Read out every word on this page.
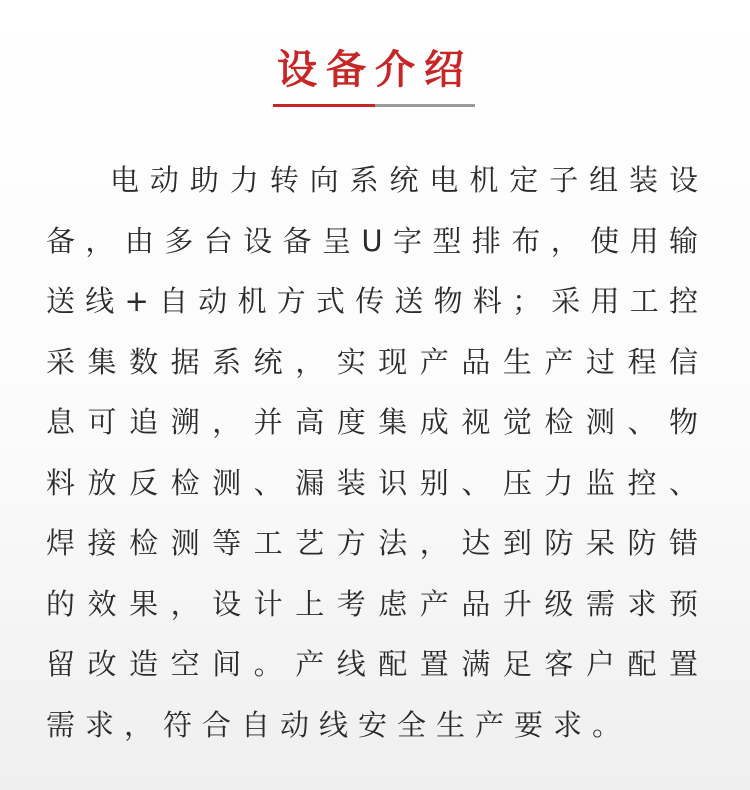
设备介绍

电动助力转向系统电机定子组装设备，由多台设备呈U字型排布，使用输送线+自动机方式传送物料；采用工控采集数据系统，实现产品生产过程信息可追溯，并高度集成视觉检测、物料放反检测、漏装识别、压力监控、焊接检测等工艺方法，达到防呆防错的效果，设计上考虑产品升级需求预留改造空间。产线配置满足客户配置需求，符合自动线安全生产要求。
